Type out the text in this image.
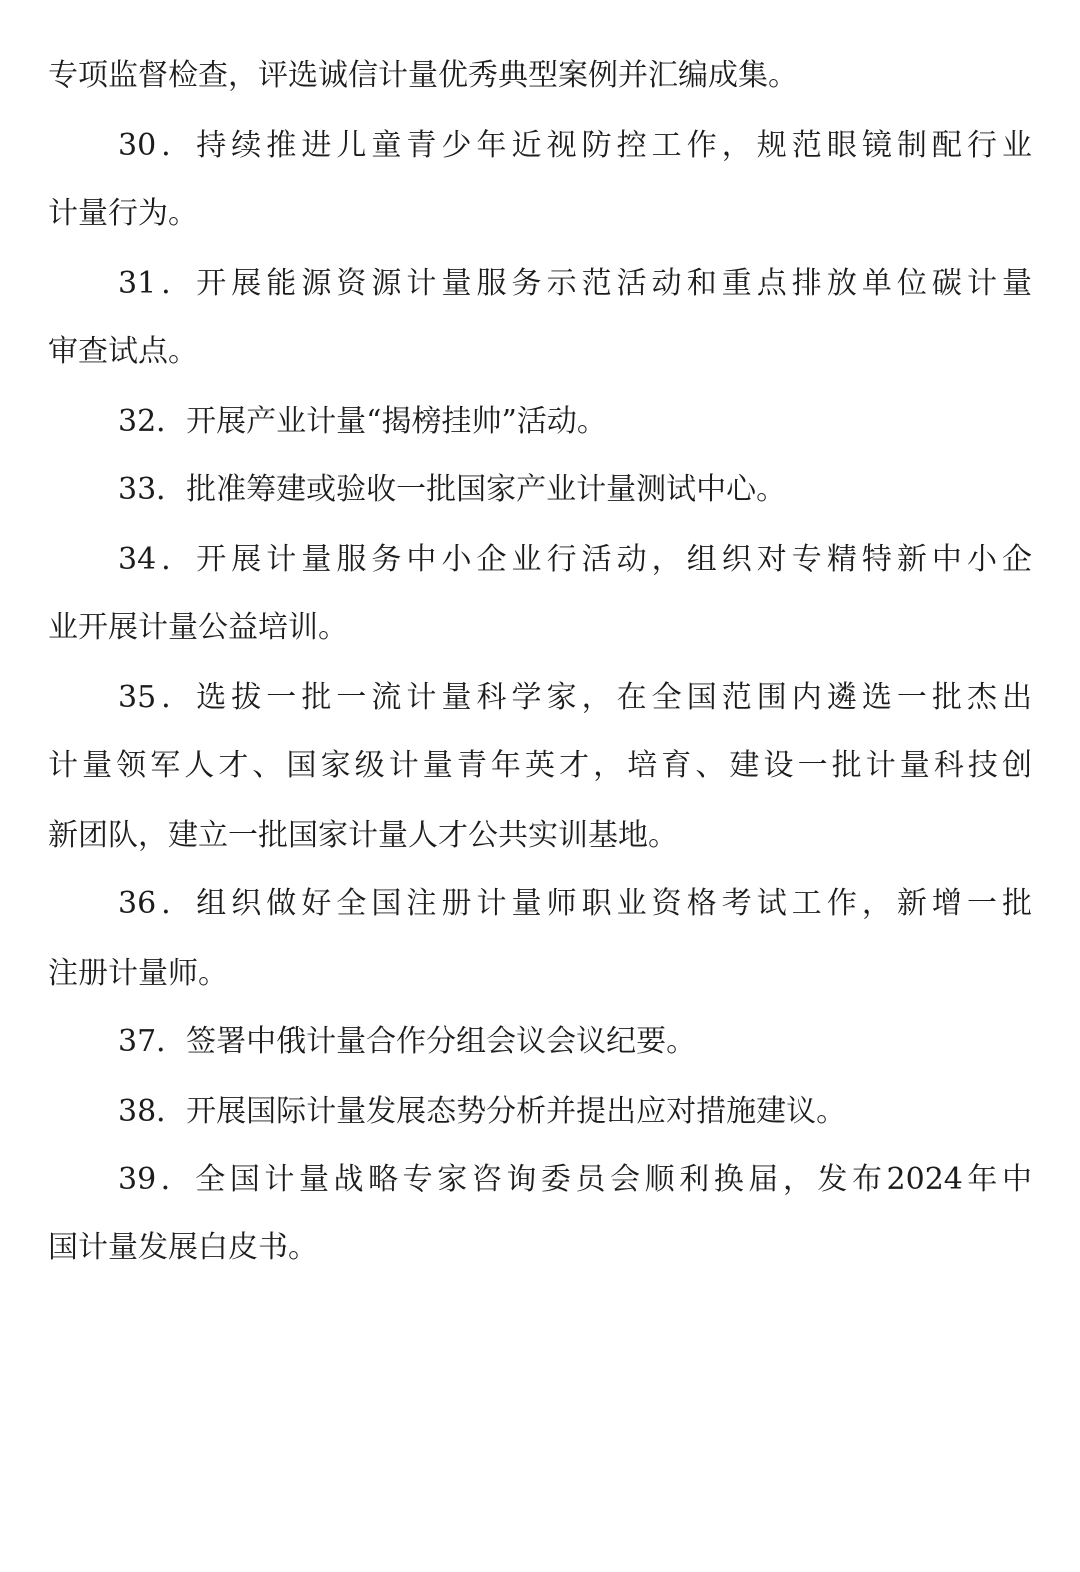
专项监督检查，评选诚信计量优秀典型案例并汇编成集。
30．持续推进儿童青少年近视防控工作，规范眼镜制配行业
计量行为。
31．开展能源资源计量服务示范活动和重点排放单位碳计量
审查试点。
32．开展产业计量“揭榜挂帅”活动。
33．批准筹建或验收一批国家产业计量测试中心。
34．开展计量服务中小企业行活动，组织对专精特新中小企
业开展计量公益培训。
35．选拔一批一流计量科学家，在全国范围内遴选一批杰出
计量领军人才、国家级计量青年英才，培育、建设一批计量科技创
新团队，建立一批国家计量人才公共实训基地。
36．组织做好全国注册计量师职业资格考试工作，新增一批
注册计量师。
37．签署中俄计量合作分组会议会议纪要。
38．开展国际计量发展态势分析并提出应对措施建议。
39．全国计量战略专家咨询委员会顺利换届，发布2024年中
国计量发展白皮书。
